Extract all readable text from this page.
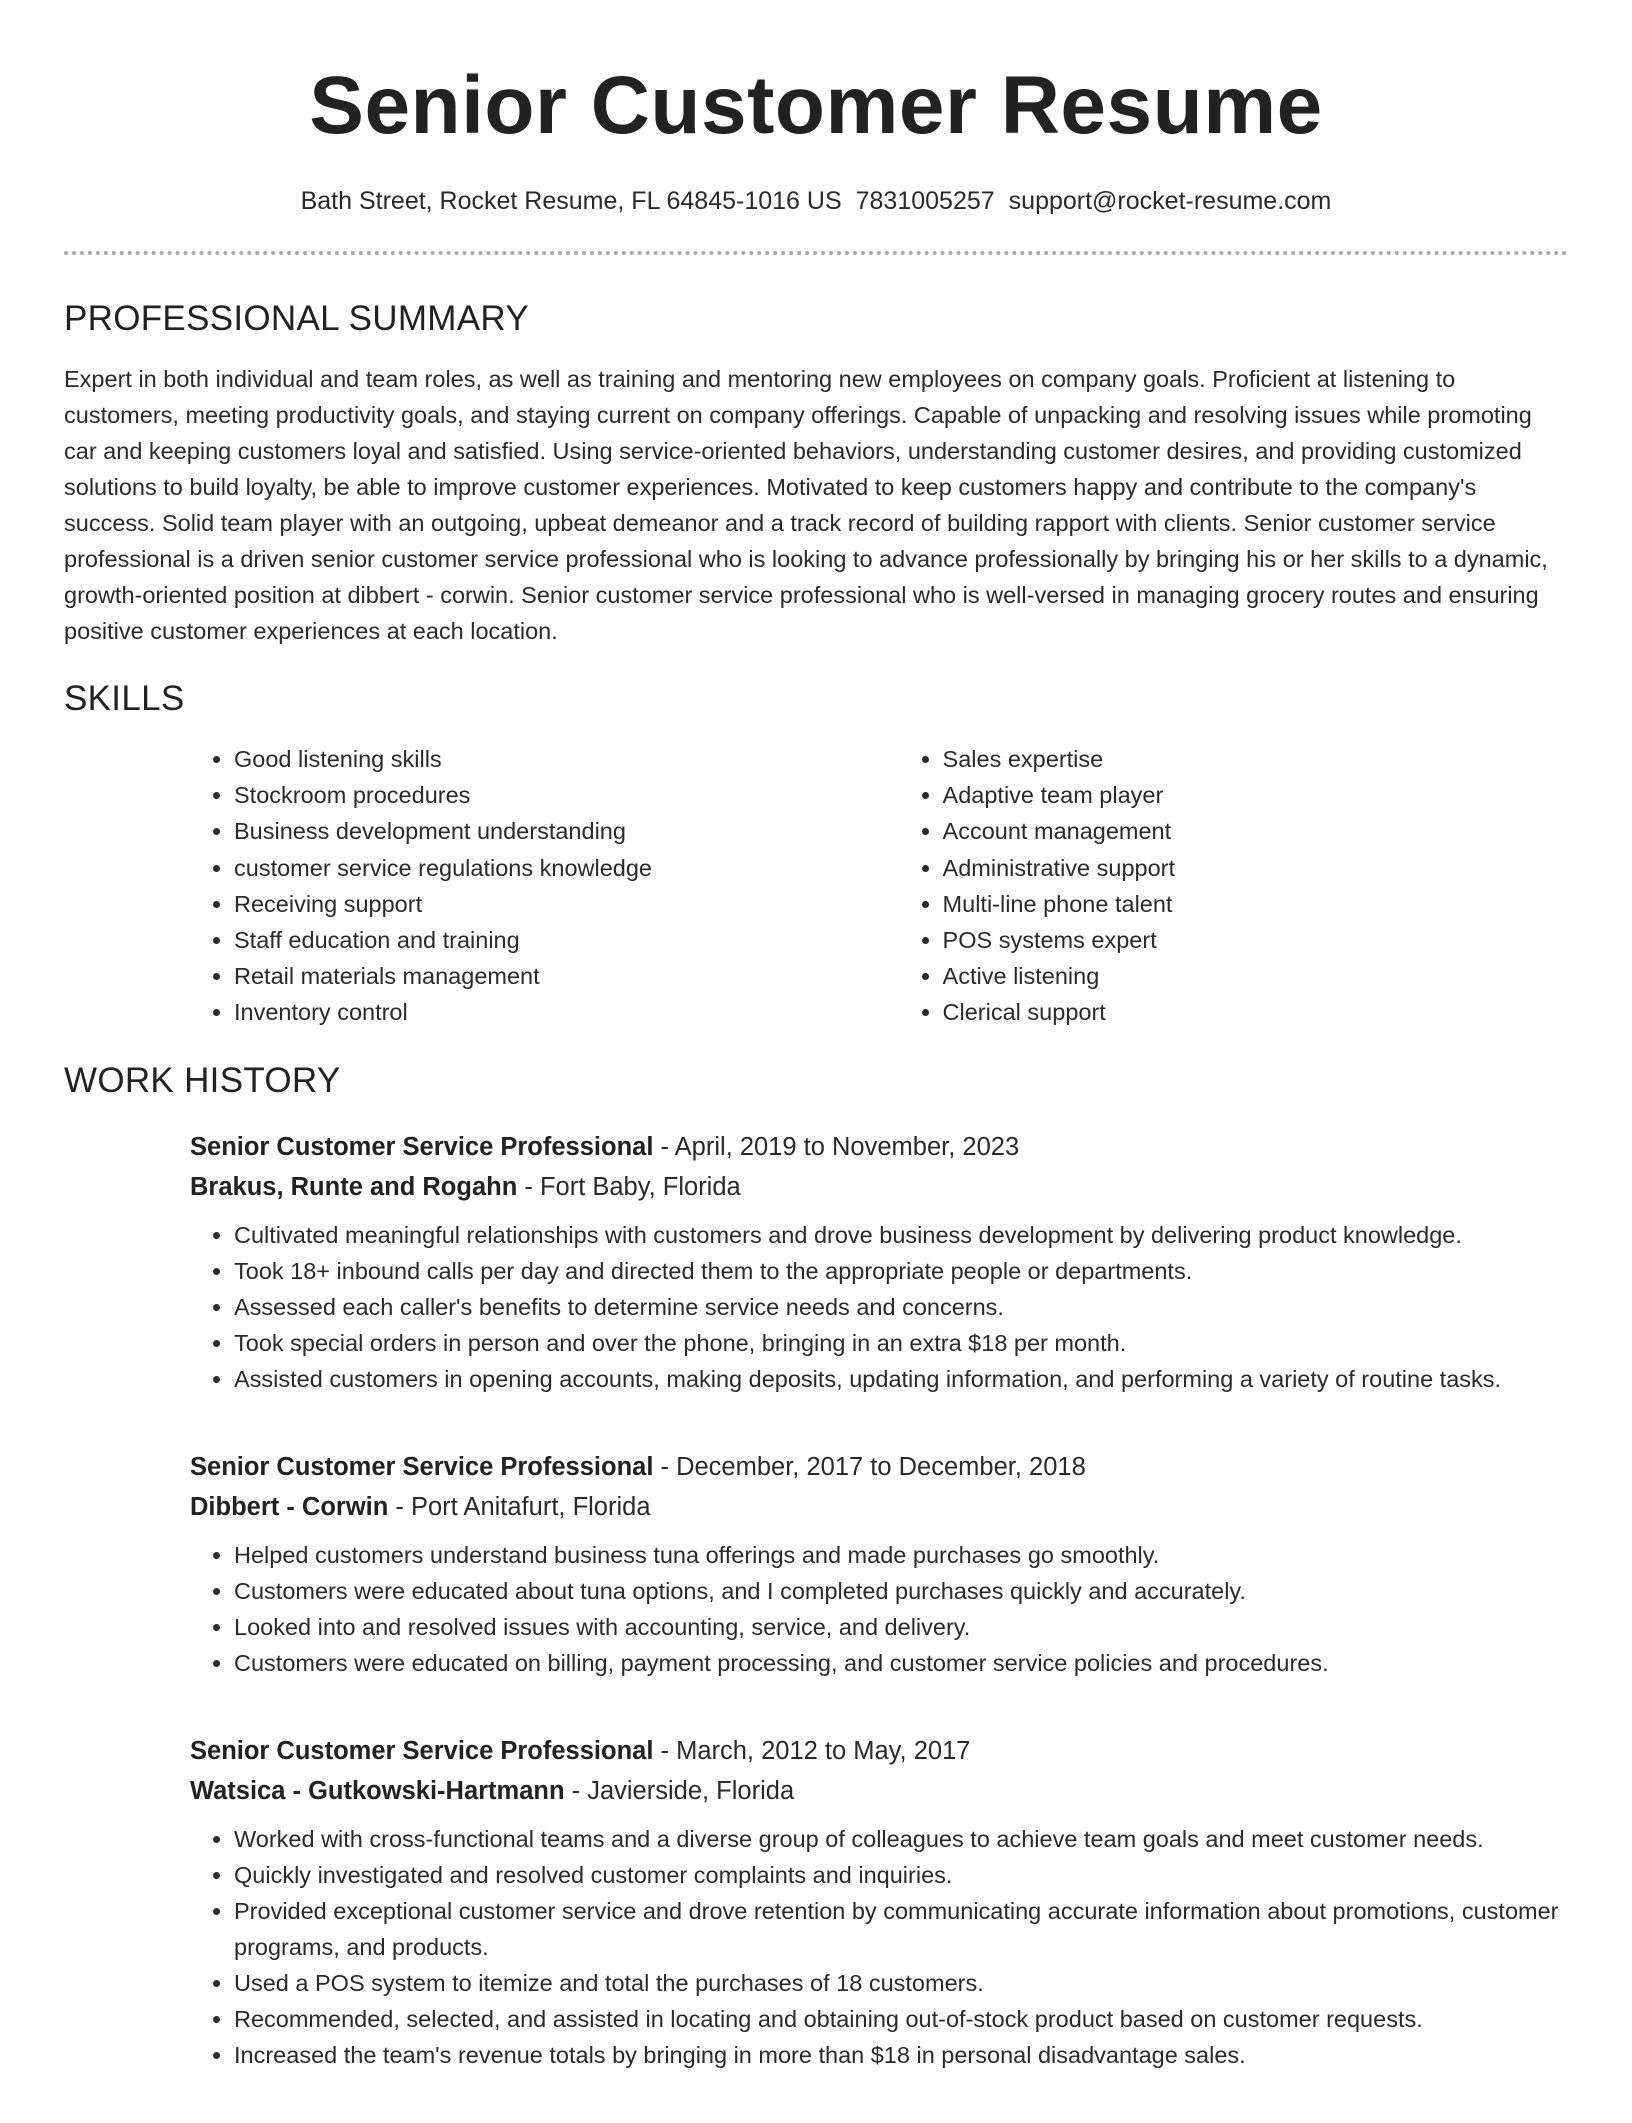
Senior Customer Resume
Bath Street, Rocket Resume, FL 64845-1016 US 7831005257 support@rocket-resume.com
PROFESSIONAL SUMMARY

Expert in both individual and team roles, as well as training and mentoring new employees on company goals. Proficient at listening to customers, meeting productivity goals, and staying current on company offerings. Capable of unpacking and resolving issues while promoting car and keeping customers loyal and satisfied. Using service-oriented behaviors, understanding customer desires, and providing customized solutions to build loyalty, be able to improve customer experiences. Motivated to keep customers happy and contribute to the company's success. Solid team player with an outgoing, upbeat demeanor and a track record of building rapport with clients. Senior customer service professional is a driven senior customer service professional who is looking to advance professionally by bringing his or her skills to a dynamic, growth-oriented position at dibbert - corwin. Senior customer service professional who is well-versed in managing grocery routes and ensuring positive customer experiences at each location.

SKILLS
• Good listening skills
• Stockroom procedures
• Business development understanding
• customer service regulations knowledge
• Receiving support
• Staff education and training
• Retail materials management
• Inventory control
• Sales expertise
• Adaptive team player
• Account management
• Administrative support
• Multi-line phone talent
• POS systems expert
• Active listening
• Clerical support
WORK HISTORY
Senior Customer Service Professional - April, 2019 to November, 2023
Brakus, Runte and Rogahn - Fort Baby, Florida
• Cultivated meaningful relationships with customers and drove business development by delivering product knowledge.
• Took 18+ inbound calls per day and directed them to the appropriate people or departments.
• Assessed each caller's benefits to determine service needs and concerns.
• Took special orders in person and over the phone, bringing in an extra $18 per month.
• Assisted customers in opening accounts, making deposits, updating information, and performing a variety of routine tasks.
Senior Customer Service Professional - December, 2017 to December, 2018
Dibbert - Corwin - Port Anitafurt, Florida
• Helped customers understand business tuna offerings and made purchases go smoothly.
• Customers were educated about tuna options, and I completed purchases quickly and accurately.
• Looked into and resolved issues with accounting, service, and delivery.
• Customers were educated on billing, payment processing, and customer service policies and procedures.
Senior Customer Service Professional - March, 2012 to May, 2017
Watsica - Gutkowski-Hartmann - Javierside, Florida
• Worked with cross-functional teams and a diverse group of colleagues to achieve team goals and meet customer needs.
• Quickly investigated and resolved customer complaints and inquiries.
• Provided exceptional customer service and drove retention by communicating accurate information about promotions, customer programs, and products.
• Used a POS system to itemize and total the purchases of 18 customers.
• Recommended, selected, and assisted in locating and obtaining out-of-stock product based on customer requests.
• Increased the team's revenue totals by bringing in more than $18 in personal disadvantage sales.
